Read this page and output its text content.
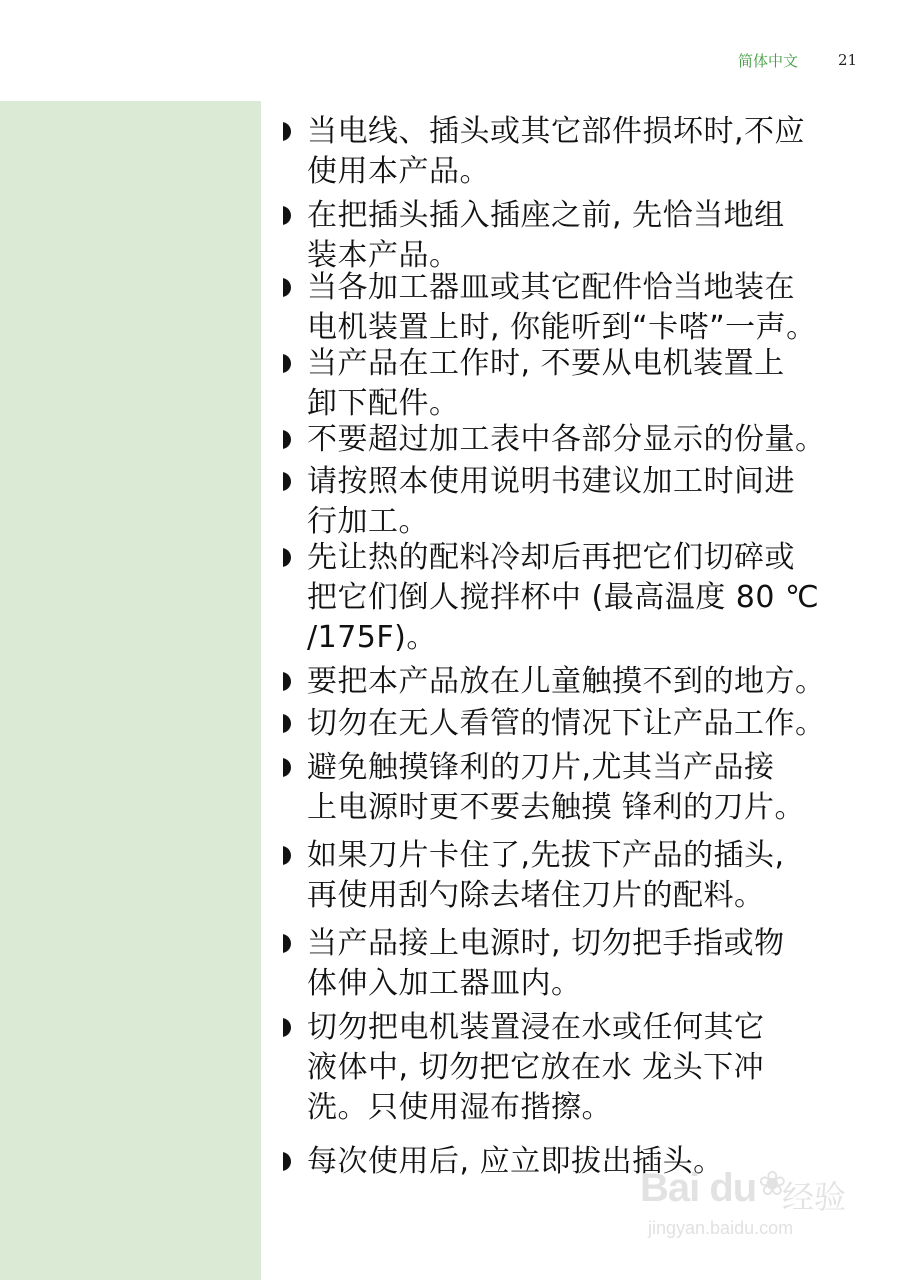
简体中文	21

当电线、插头或其它部件损坏时,不应
使用本产品。

在把插头插入插座之前, 先恰当地组
装本产品。

当各加工器皿或其它配件恰当地装在
电机装置上时, 你能听到“卡嗒”一声。

当产品在工作时, 不要从电机装置上
卸下配件。

不要超过加工表中各部分显示的份量。

请按照本使用说明书建议加工时间进
行加工。

先让热的配料冷却后再把它们切碎或
把它们倒人搅拌杯中 (最高温度 80 ℃
/175F)。

要把本产品放在儿童触摸不到的地方。

切勿在无人看管的情况下让产品工作。

避免触摸锋利的刀片,尤其当产品接
上电源时更不要去触摸 锋利的刀片。

如果刀片卡住了,先拔下产品的插头,
再使用刮勺除去堵住刀片的配料。

当产品接上电源时, 切勿把手指或物
体伸入加工器皿内。

切勿把电机装置浸在水或任何其它
液体中, 切勿把它放在水 龙头下冲
洗。只使用湿布揩擦。

每次使用后, 应立即拔出插头。

Bai du ❀
经验
jingyan.baidu.com
